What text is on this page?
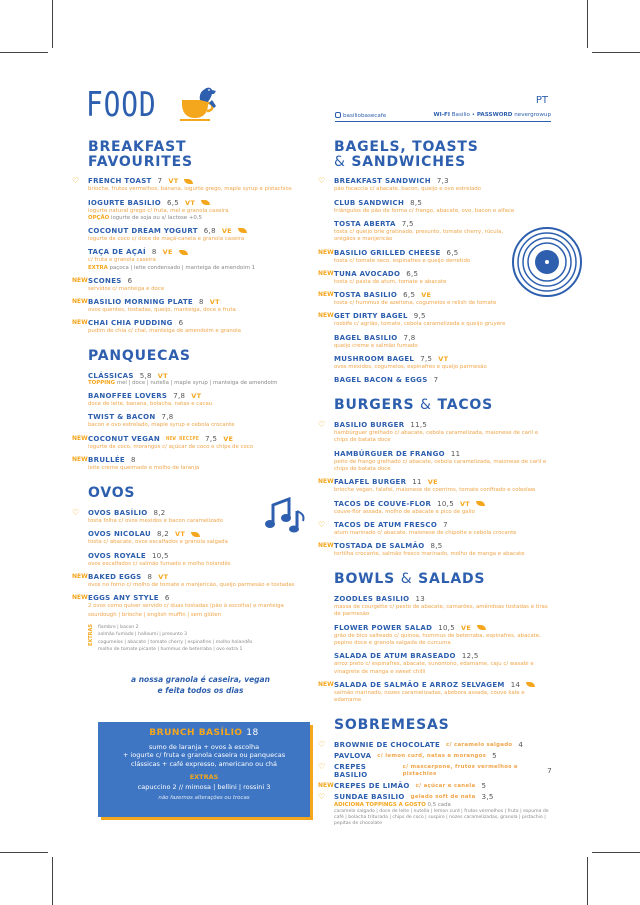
FOOD	PT
basiliobasecafe	WI-FI Basilio • PASSWORD nevergrowup
BREAKFAST
FAVOURITES
♡ FRENCH TOAST 7 VT
brioche, frutos vermelhos, banana, iogurte grego, maple syrup e pistachios
IOGURTE BASILIO 6,5 VT
iogurte natural grego c/ fruta, mel e granola caseira
OPÇÃO iogurte de soja ou s/ lactose +0,5
COCONUT DREAM YOGURT 6,8 VE
iogurte de coco c/ doce de maçã-canela e granola caseira
TAÇA DE AÇAÍ 8 VE
c/ fruta e granola caseira
EXTRA paçoca | leite condensado | manteiga de amendoim 1
NEW SCONES 6
servidos c/ manteiga e doce
NEW BASILIO MORNING PLATE 8 VT
ovos quentes, tostadas, queijo, manteiga, doce e fruta
NEW CHAI CHIA PUDDING 6
pudim de chia c/ chai, manteiga de amendoim e granola
PANQUECAS
CLÁSSICAS 5,8 VT
TOPPING mel | doce | nutella | maple syrup | manteiga de amendoim
BANOFFEE LOVERS 7,8 VT
doce de leite, banana, bolacha, natas e cacau
TWIST & BACON 7,8
bacon e ovo estrelado, maple syrup e cebola crocante
NEW COCONUT VEGAN NEW RECIPE 7,5 VE
iogurte de coco, morangos c/ açúcar de coco e chips de coco
NEW BRULLÉE 8
leite crème queimado e molho de laranja
OVOS
♡ OVOS BASÍLIO 8,2
tosta folha c/ ovos mexidos e bacon caramelizado
OVOS NICOLAU 8,2 VT
tosta c/ abacate, ovos escalfados e granola salgada
OVOS ROYALE 10,5
ovos escalfados c/ salmão fumado e molho holandês
NEW BAKED EGGS 8 VT
ovos no forno c/ molho de tomate e manjericão, queijo parmesão e tostadas
NEW EGGS ANY STYLE 6
2 ovos como quiser servido c/ duas tostadas (pão à escolha) e manteiga
sourdough | brioche | english muffin | sem glúten
EXTRAS fiambre | bacon 2
salmão fumado | halloumi | presunto 3
cogumelos | abacate | tomate cherry | espinafres | molho holandês
molho de tomate picante | hummus de beterraba | ovo extra 1
a nossa granola é caseira, vegan
e feita todos os dias
BRUNCH BASÍLIO 18
sumo de laranja + ovos à escolha
+ iogurte c/ fruta e granola caseira ou panquecas
clássicas + café expresso, americano ou chá
EXTRAS
capuccino 2 // mimosa | bellini | rossini 3
não fazemos alterações ou trocas
BAGELS, TOASTS
& SANDWICHES
♡ BREAKFAST SANDWICH 7,3
pão focaccia c/ abacate, bacon, queijo e ovo estrelado
CLUB SANDWICH 8,5
triângulos de pão de forma c/ frango, abacate, ovo, bacon e alface
TOSTA ABERTA 7,5
tosta c/ queijo brie gratinado, presunto, tomate cherry, rúcula, orégãos e manjericão
NEW BASILIO GRILLED CHEESE 6,5
tosta c/ tomate seco, espinafres e queijo derretido
NEW TUNA AVOCADO 6,5
tosta c/ pasta de atum, tomate e abacate
NEW TOSTA BASILIO 6,5 VE
tosta c/ hummus de azeitona, cogumelos e relish de tomate
NEW GET DIRTY BAGEL 9,5
rosbife c/ agrião, tomate, cebola caramelizada e queijo gruyère
BAGEL BASILIO 7,8
queijo creme e salmão fumado
MUSHROOM BAGEL 7,5 VT
ovos mexidos, cogumelos, espinafres e queijo parmesão
BAGEL BACON & EGGS 7
BURGERS & TACOS
♡ BASILIO BURGER 11,5
hambúrguer grelhado c/ abacate, cebola caramelizada, maionese de caril e chips de batata doce
HAMBÚRGUER DE FRANGO 11
peito de frango grelhado c/ abacate, cebola caramelizada, maionese de caril e chips de batata doce
NEW FALAFEL BURGER 11 VE
brioche vegan, falafel, maionese de coentros, tomate confitado e coleslaw
TACOS DE COUVE-FLOR 10,5 VT
couve-flor assada, molho de abacate e pico de gallo
♡ TACOS DE ATUM FRESCO 7
atum marinado c/ abacate, maionese de chipotle e cebola crocante
NEW TOSTADA DE SALMÃO 8,5
tortilha crocante, salmão fresco marinado, molho de manga e abacate
BOWLS & SALADS
ZOODLES BASILIO 13
massa de courgette c/ pesto de abacate, camarões, amêndoas tostadas e tiras de parmesão
FLOWER POWER SALAD 10,5 VE
grão de bico salteado c/ quinoa, hummus de beterraba, espinafres, abacate, pepino doce e granola salgada de curcuma
SALADA DE ATUM BRASEADO 12,5
arroz preto c/ espinafres, abacate, sunomono, edamame, caju c/ wasabi e vinagrete de manga e sweet chilli
NEW SALADA DE SALMÃO E ARROZ SELVAGEM 14
salmão marinado, nozes caramelizadas, abóbora assada, couve kale e edamame
SOBREMESAS
♡ BROWNIE DE CHOCOLATE c/ caramelo salgado 4
PAVLOVA c/ lemon curd, natas e morangos 5
♡ CREPES BASILIO
c/ mascarpone, frutos vermelhos e pistachios	7
NEW CREPES DE LIMÃO c/ açúcar e canela 5
♡ SUNDAE BASILIO gelado soft de nata 3,5
ADICIONA TOPPINGS A GOSTO 0,5 cada
caramelo salgado | doce de leite | nutella | lemon curd | frutos vermelhos | fruta | espuma de café | bolacha triturada | chips de coco | suspiro | nozes caramelizadas, granola | pistachio | pepitas de chocolate
